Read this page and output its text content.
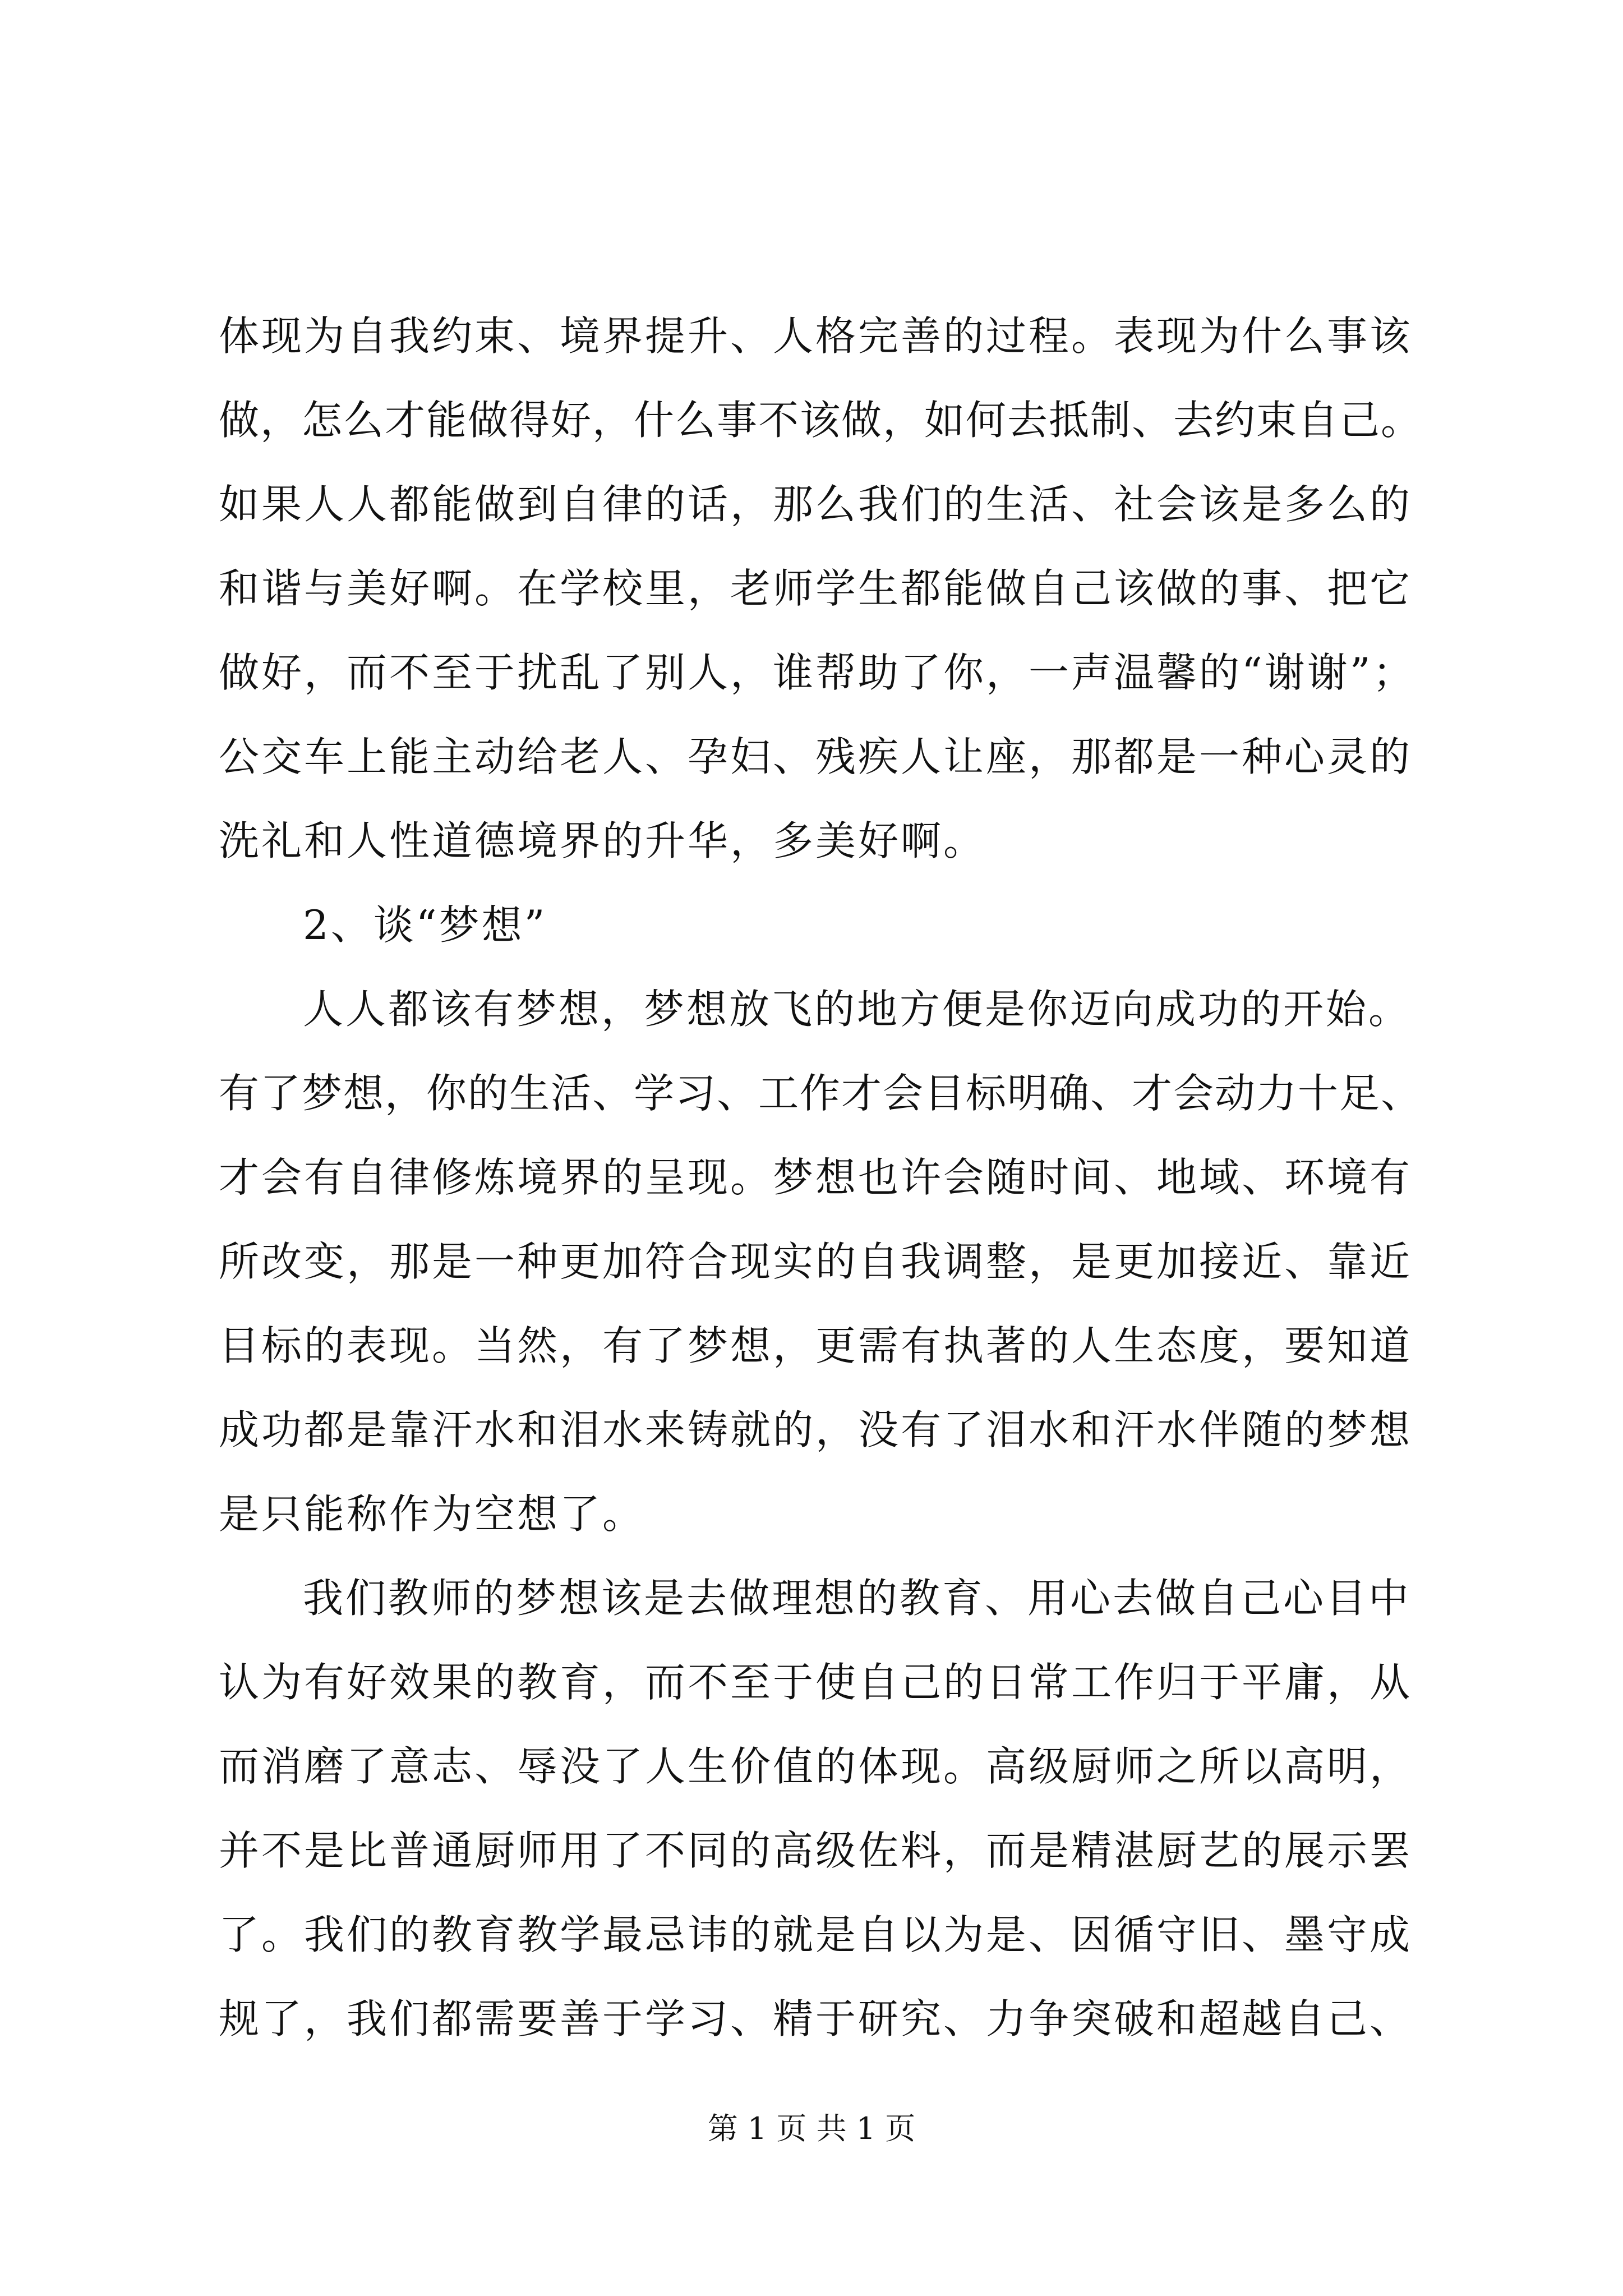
体现为自我约束、境界提升、人格完善的过程。表现为什么事该
做，怎么才能做得好，什么事不该做，如何去抵制、去约束自己。
如果人人都能做到自律的话，那么我们的生活、社会该是多么的
和谐与美好啊。在学校里，老师学生都能做自己该做的事、把它
做好，而不至于扰乱了别人，谁帮助了你，一声温馨的“谢谢”；
公交车上能主动给老人、孕妇、残疾人让座，那都是一种心灵的
洗礼和人性道德境界的升华，多美好啊。
2、谈“梦想”
人人都该有梦想，梦想放飞的地方便是你迈向成功的开始。
有了梦想，你的生活、学习、工作才会目标明确、才会动力十足、
才会有自律修炼境界的呈现。梦想也许会随时间、地域、环境有
所改变，那是一种更加符合现实的自我调整，是更加接近、靠近
目标的表现。当然，有了梦想，更需有执著的人生态度，要知道
成功都是靠汗水和泪水来铸就的，没有了泪水和汗水伴随的梦想
是只能称作为空想了。
我们教师的梦想该是去做理想的教育、用心去做自己心目中
认为有好效果的教育，而不至于使自己的日常工作归于平庸，从
而消磨了意志、辱没了人生价值的体现。高级厨师之所以高明，
并不是比普通厨师用了不同的高级佐料，而是精湛厨艺的展示罢
了。我们的教育教学最忌讳的就是自以为是、因循守旧、墨守成
规了，我们都需要善于学习、精于研究、力争突破和超越自己、
第 1 页 共 1 页
